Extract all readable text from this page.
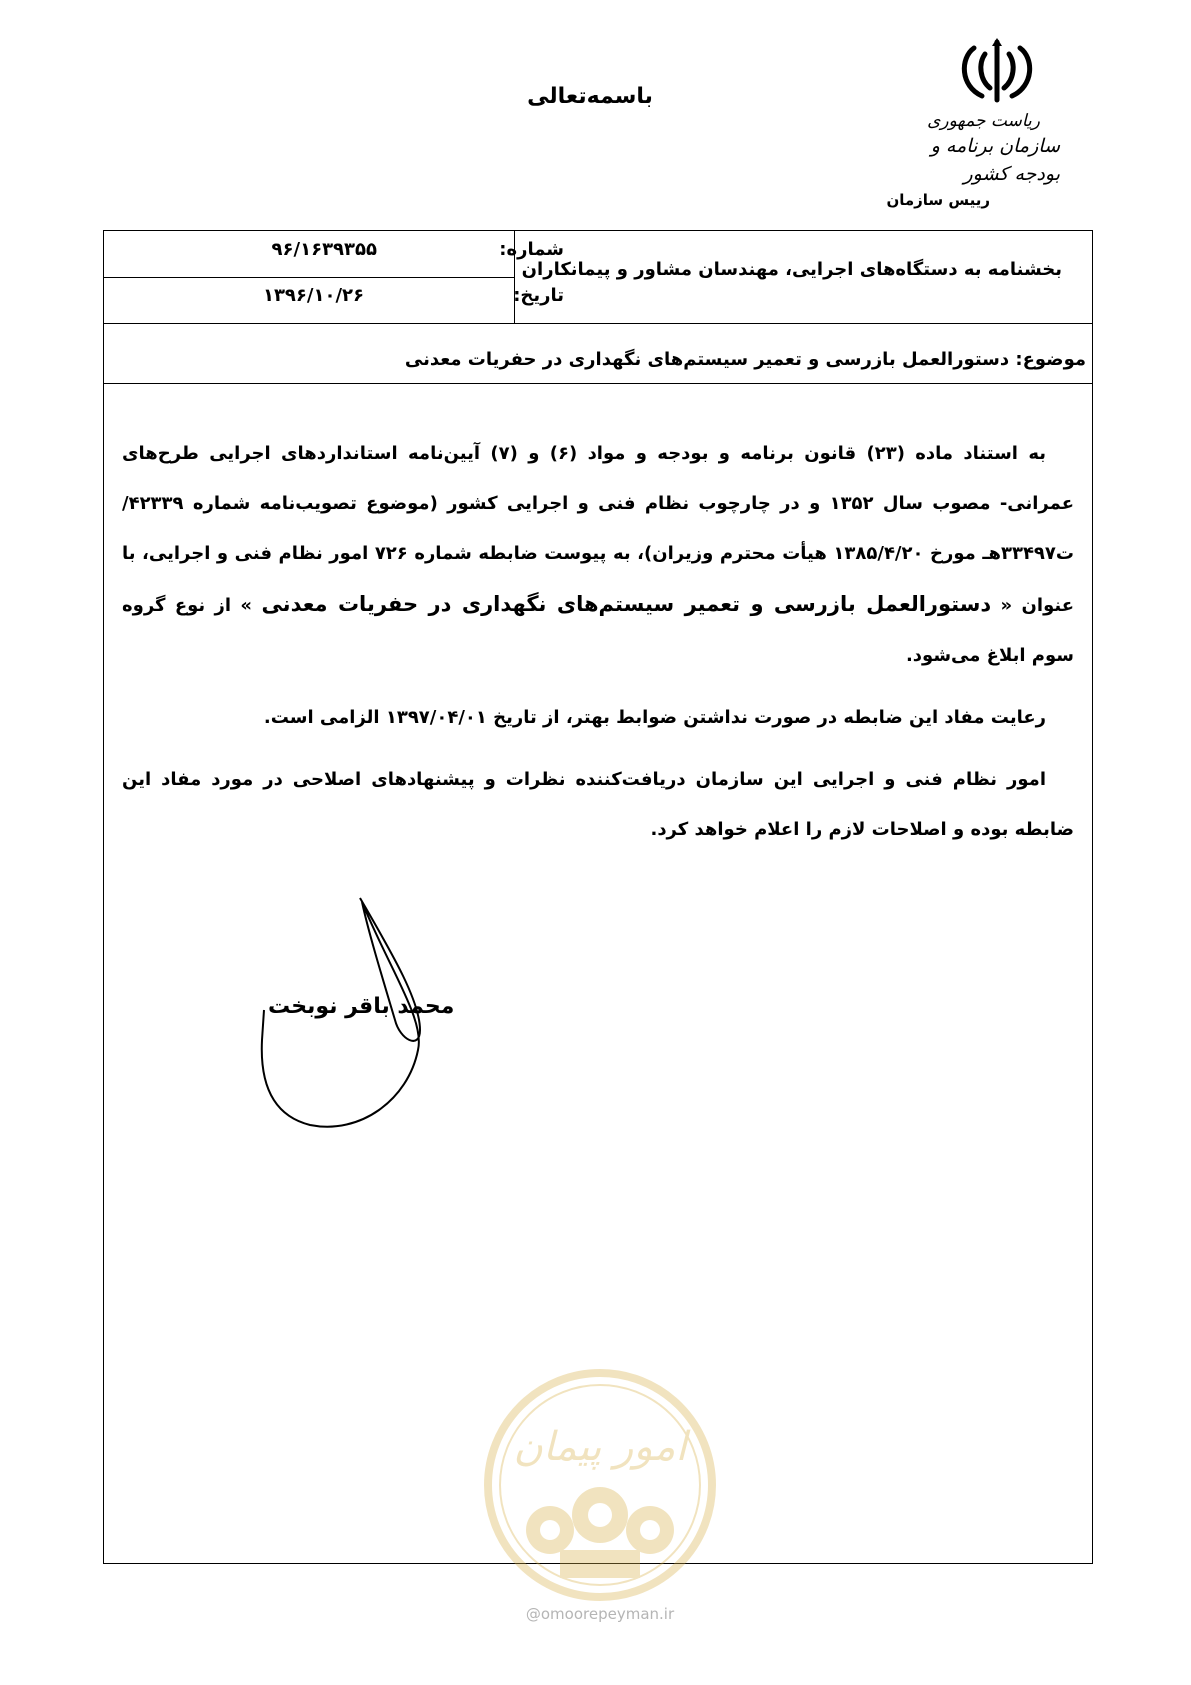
باسمه‌تعالی
ریاست جمهوری
سازمان برنامه و بودجه کشور
رییس سازمان
بخشنامه به دستگاه‌های اجرایی، مهندسان مشاور و پیمانکاران
شماره:
۹۶/۱۶۳۹۳۵۵
تاریخ:
۱۳۹۶/۱۰/۲۶
موضوع: دستورالعمل بازرسی و تعمیر سیستم‌های نگهداری در حفریات معدنی

به استناد ماده (۲۳) قانون برنامه و بودجه و مواد (۶) و (۷) آیین‌نامه استانداردهای اجرایی طرح‌های عمرانی- مصوب سال ۱۳۵۲ و در چارچوب نظام فنی و اجرایی کشور (موضوع تصویب‌نامه شماره ۴۲۳۳۹/ت۳۳۴۹۷هـ مورخ ۱۳۸۵/۴/۲۰ هیأت محترم وزیران)، به پیوست ضابطه شماره ۷۲۶ امور نظام فنی و اجرایی، با عنوان « دستورالعمل بازرسی و تعمیر سیستم‌های نگهداری در حفریات معدنی » از نوع گروه سوم ابلاغ می‌شود.

رعایت مفاد این ضابطه در صورت نداشتن ضوابط بهتر، از تاریخ ۱۳۹۷/۰۴/۰۱ الزامی است.

امور نظام فنی و اجرایی این سازمان دریافت‌کننده نظرات و پیشنهادهای اصلاحی در مورد مفاد این ضابطه بوده و اصلاحات لازم را اعلام خواهد کرد.

محمد باقر نوبخت
امور پیمان
@omoorepeyman.ir
